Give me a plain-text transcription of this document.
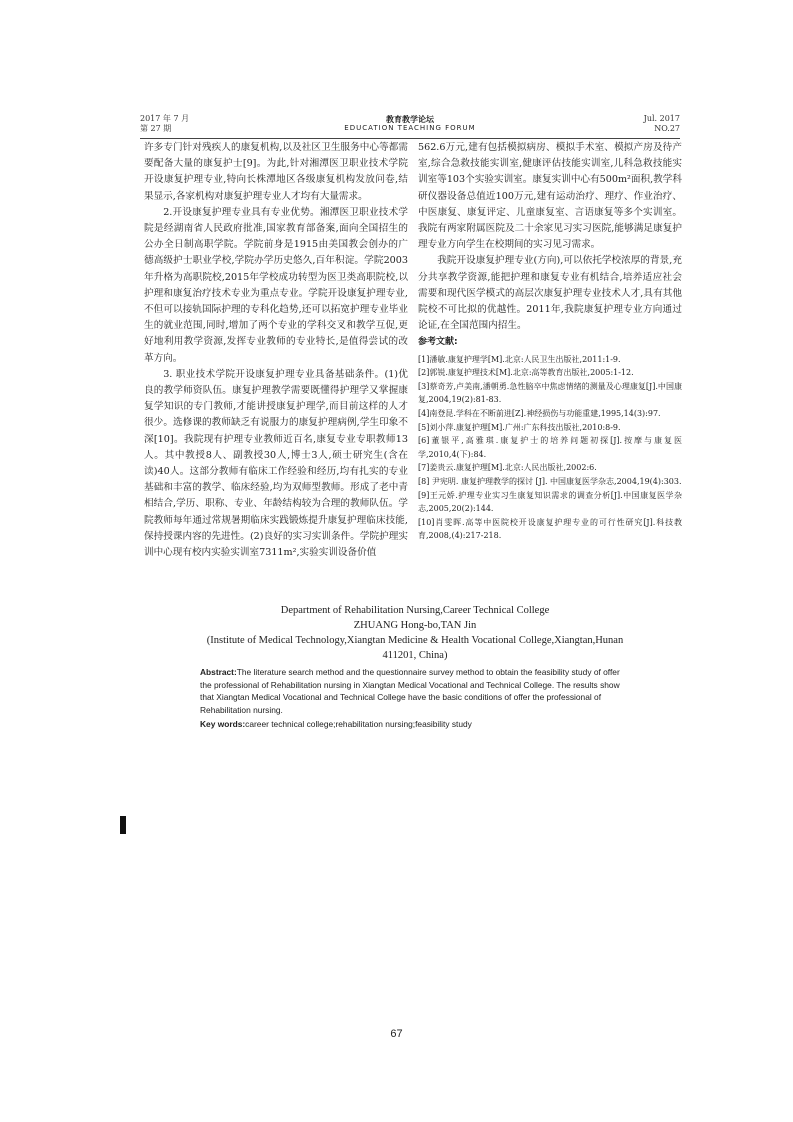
2017 年 7 月
第 27 期
教育教学论坛
EDUCATION TEACHING FORUM
Jul. 2017
NO.27

许多专门针对残疾人的康复机构,以及社区卫生服务中心等都需要配备大量的康复护士[9]。为此,针对湘潭医卫职业技术学院开设康复护理专业,特向长株潭地区各级康复机构发放问卷,结果显示,各家机构对康复护理专业人才均有大量需求。

2.开设康复护理专业具有专业优势。湘潭医卫职业技术学院是经湖南省人民政府批准,国家教育部备案,面向全国招生的公办全日制高职学院。学院前身是1915由美国教会创办的广德高级护士职业学校,学院办学历史悠久,百年积淀。学院2003年升格为高职院校,2015年学校成功转型为医卫类高职院校,以护理和康复治疗技术专业为重点专业。学院开设康复护理专业,不但可以接轨国际护理的专科化趋势,还可以拓宽护理专业毕业生的就业范围,同时,增加了两个专业的学科交叉和教学互促,更好地利用教学资源,发挥专业教师的专业特长,是值得尝试的改革方向。

3. 职业技术学院开设康复护理专业具备基础条件。(1)优良的教学师资队伍。康复护理教学需要既懂得护理学又掌握康复学知识的专门教师,才能讲授康复护理学,而目前这样的人才很少。选修课的教师缺乏有说服力的康复护理病例,学生印象不深[10]。我院现有护理专业教师近百名,康复专业专职教师13人。其中教授8人、副教授30人,博士3人,硕士研究生(含在读)40人。这部分教师有临床工作经验和经历,均有扎实的专业基础和丰富的教学、临床经验,均为双师型教师。形成了老中青相结合,学历、职称、专业、年龄结构较为合理的教师队伍。学院教师每年通过常规暑期临床实践锻炼提升康复护理临床技能,保持授课内容的先进性。(2)良好的实习实训条件。学院护理实训中心现有校内实验实训室7311m²,实验实训设备价值

562.6万元,建有包括模拟病房、模拟手术室、模拟产房及待产室,综合急救技能实训室,健康评估技能实训室,儿科急救技能实训室等103个实验实训室。康复实训中心有500m²面积,教学科研仪器设备总值近100万元,建有运动治疗、理疗、作业治疗、中医康复、康复评定、儿童康复室、言语康复等多个实训室。我院有两家附属医院及二十余家见习实习医院,能够满足康复护理专业方向学生在校期间的实习见习需求。

我院开设康复护理专业(方向),可以依托学校浓厚的背景,充分共享教学资源,能把护理和康复专业有机结合,培养适应社会需要和现代医学模式的高层次康复护理专业技术人才,具有其他院校不可比拟的优越性。2011年,我院康复护理专业方向通过论证,在全国范围内招生。

参考文献:
[1]潘敏.康复护理学[M].北京:人民卫生出版社,2011:1-9.
[2]郭锐.康复护理技术[M].北京:高等教育出版社,2005:1-12.
[3]蔡奇芳,卢美南,潘朝勇.急性脑卒中焦虑情绪的测量及心理康复[J].中国康复,2004,19(2):81-83.
[4]南登昆.学科在不断前进[Z].神经损伤与功能重建,1995,14(3):97.
[5]刘小萍.康复护理[M].广州:广东科技出版社,2010:8-9.
[6]董银平,高雅琪.康复护士的培养问题初探[J].按摩与康复医学,2010,4(下):84.
[7]姜贵云.康复护理[M].北京:人民出版社,2002:6.
[8] 尹宪明. 康复护理教学的探讨 [J]. 中国康复医学杂志,2004,19(4):303.
[9]王元娇.护理专业实习生康复知识需求的调查分析[J].中国康复医学杂志,2005,20(2):144.
[10]肖雯晖.高等中医院校开设康复护理专业的可行性研究[J].科技教育,2008,(4):217-218.
Department of Rehabilitation Nursing,Career Technical College
ZHUANG Hong-bo,TAN Jin
(Institute of Medical Technology,Xiangtan Medicine & Health Vocational College,Xiangtan,Hunan 411201, China)
Abstract:The literature search method and the questionnaire survey method to obtain the feasibility study of offer the professional of Rehabilitation nursing in Xiangtan Medical Vocational and Technical College. The results show that Xiangtan Medical Vocational and Technical College have the basic conditions of offer the professional of Rehabilitation nursing.
Key words:career technical college;rehabilitation nursing;feasibility study
67
